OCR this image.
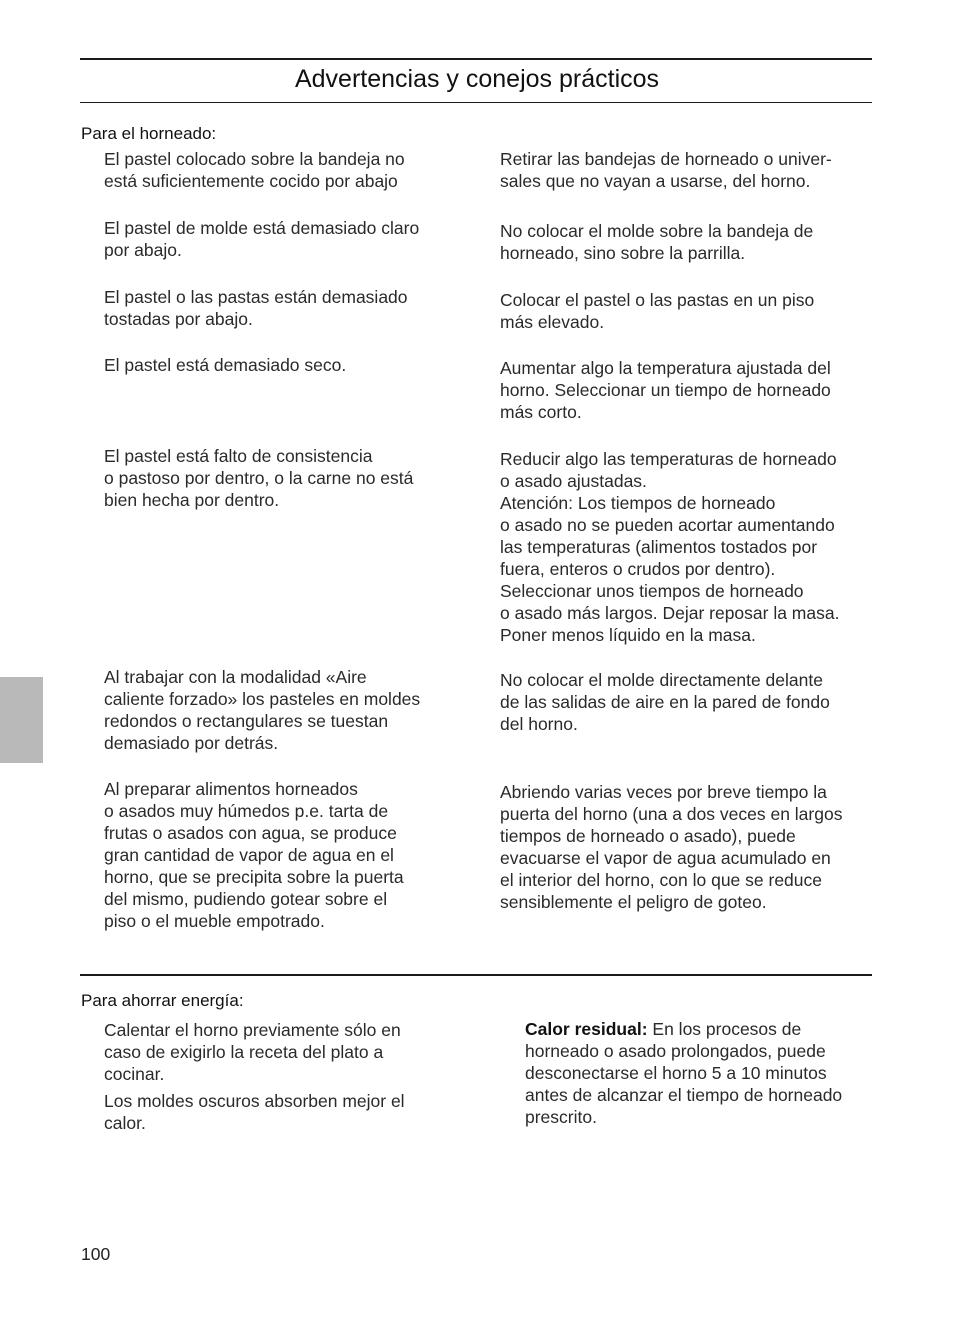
Advertencias y conejos prácticos
Para el horneado:
El pastel colocado sobre la bandeja no
está suficientemente cocido por abajo
Retirar las bandejas de horneado o univer-
sales que no vayan a usarse, del horno.
El pastel de molde está demasiado claro
por abajo.
No colocar el molde sobre la bandeja de
horneado, sino sobre la parrilla.
El pastel o las pastas están demasiado
tostadas por abajo.
Colocar el pastel o las pastas en un piso
más elevado.
El pastel está demasiado seco.	Aumentar algo la temperatura ajustada del
horno. Seleccionar un tiempo de horneado
más corto.
El pastel está falto de consistencia
o pastoso por dentro, o la carne no está
bien hecha por dentro.
Reducir algo las temperaturas de horneado
o asado ajustadas.
Atención: Los tiempos de horneado
o asado no se pueden acortar aumentando
las temperaturas (alimentos tostados por
fuera, enteros o crudos por dentro).
Seleccionar unos tiempos de horneado
o asado más largos. Dejar reposar la masa.
Poner menos líquido en la masa.
Al trabajar con la modalidad «Aire
caliente forzado» los pasteles en moldes
redondos o rectangulares se tuestan
demasiado por detrás.
No colocar el molde directamente delante
de las salidas de aire en la pared de fondo
del horno.
Al preparar alimentos horneados
o asados muy húmedos p.e. tarta de
frutas o asados con agua, se produce
gran cantidad de vapor de agua en el
horno, que se precipita sobre la puerta
del mismo, pudiendo gotear sobre el
piso o el mueble empotrado.
Abriendo varias veces por breve tiempo la
puerta del horno (una a dos veces en largos
tiempos de horneado o asado), puede
evacuarse el vapor de agua acumulado en
el interior del horno, con lo que se reduce
sensiblemente el peligro de goteo.
Para ahorrar energía:
Calentar el horno previamente sólo en
caso de exigirlo la receta del plato a
cocinar.
Los moldes oscuros absorben mejor el
calor.
Calor residual: En los procesos de
horneado o asado prolongados, puede
desconectarse el horno 5 a 10 minutos
antes de alcanzar el tiempo de horneado
prescrito.
100
